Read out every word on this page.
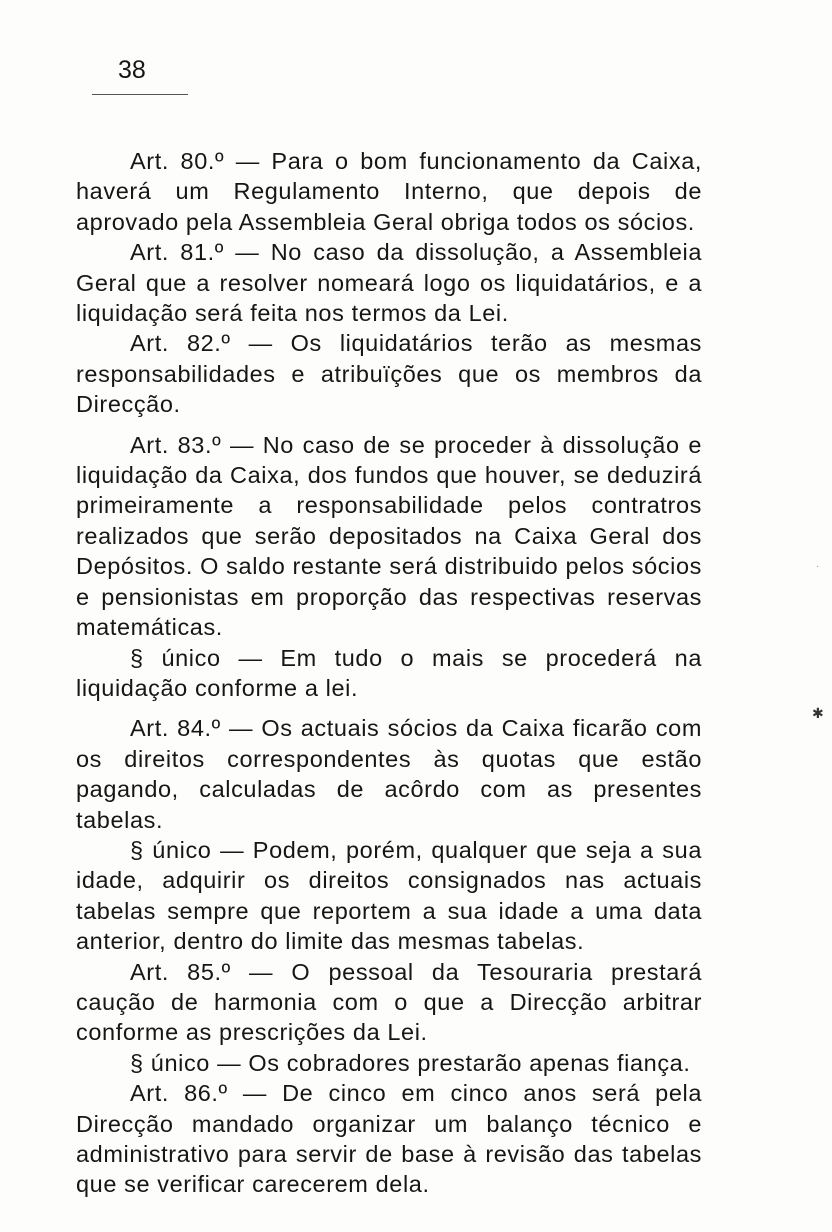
38

Art. 80.º — Para o bom funcionamento da Caixa, haverá um Regulamento Interno, que depois de aprovado pela Assembleia Geral obriga todos os sócios.

Art. 81.º — No caso da dissolução, a Assembleia Geral que a resolver nomeará logo os liquidatários, e a liquidação será feita nos termos da Lei.

Art. 82.º — Os liquidatários terão as mesmas responsabilidades e atribuïções que os membros da Direcção.

Art. 83.º — No caso de se proceder à dissolução e liquidação da Caixa, dos fundos que houver, se deduzirá primeiramente a responsabilidade pelos contratros realizados que serão depositados na Caixa Geral dos Depósitos. O saldo restante será distribuido pelos sócios e pensionistas em proporção das respectivas reservas matemáticas.

§ único — Em tudo o mais se procederá na liquidação conforme a lei.

Art. 84.º — Os actuais sócios da Caixa ficarão com os direitos correspondentes às quotas que estão pagando, calculadas de acôrdo com as presentes tabelas.

§ único — Podem, porém, qualquer que seja a sua idade, adquirir os direitos consignados nas actuais tabelas sempre que reportem a sua idade a uma data anterior, dentro do limite das mesmas tabelas.

Art. 85.º — O pessoal da Tesouraria prestará caução de harmonia com o que a Direcção arbitrar conforme as prescrições da Lei.

§ único — Os cobradores prestarão apenas fiança.

Art. 86.º — De cinco em cinco anos será pela Direcção mandado organizar um balanço técnico e administrativo para servir de base à revisão das tabelas que se verificar carecerem dela.

✱
·
